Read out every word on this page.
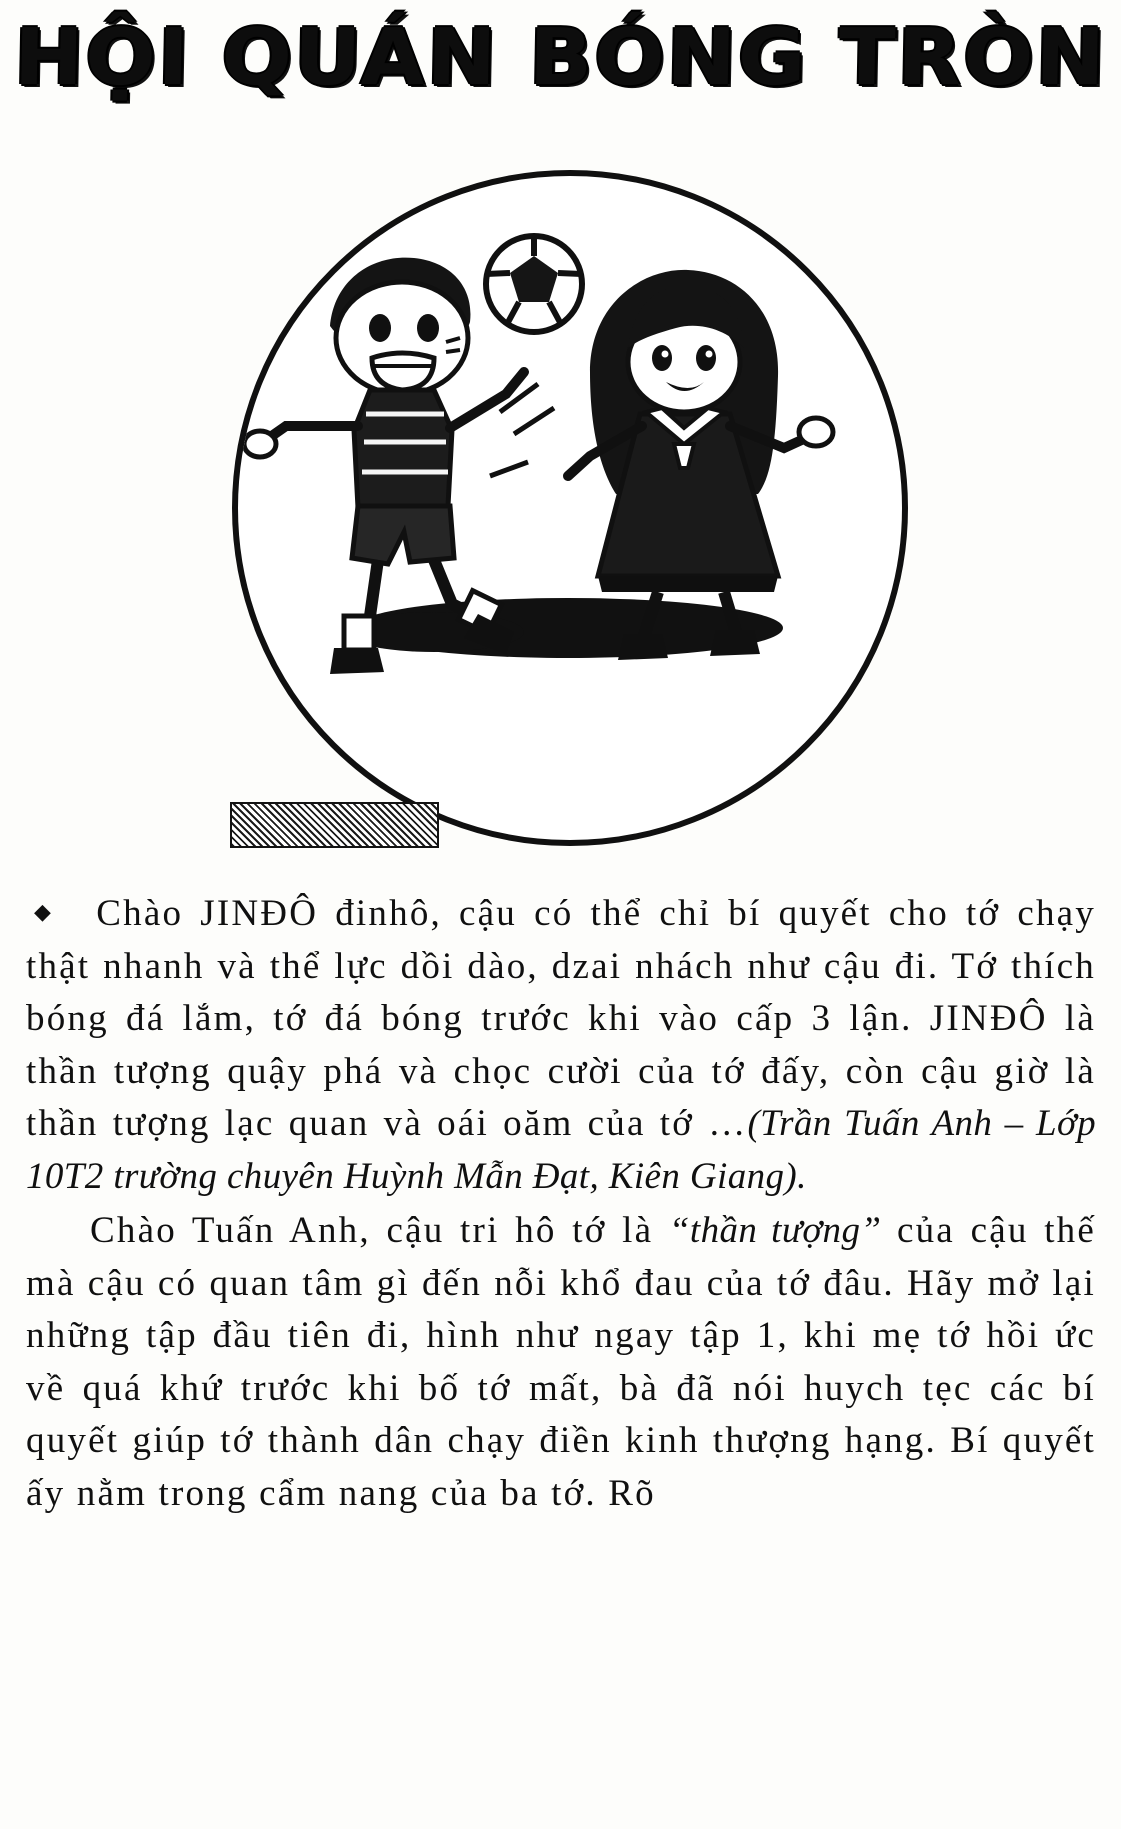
HỘI QUÁN BÓNG TRÒN

◆ Chào JINĐÔ đinhô, cậu có thể chỉ bí quyết cho tớ chạy thật nhanh và thể lực dồi dào, dzai nhách như cậu đi. Tớ thích bóng đá lắm, tớ đá bóng trước khi vào cấp 3 lận. JINĐÔ là thần tượng quậy phá và chọc cười của tớ đấy, còn cậu giờ là thần tượng lạc quan và oái oăm của tớ …(Trần Tuấn Anh – Lớp 10T2 trường chuyên Huỳnh Mẫn Đạt, Kiên Giang).

Chào Tuấn Anh, cậu tri hô tớ là “thần tượng” của cậu thế mà cậu có quan tâm gì đến nỗi khổ đau của tớ đâu. Hãy mở lại những tập đầu tiên đi, hình như ngay tập 1, khi mẹ tớ hồi ức về quá khứ trước khi bố tớ mất, bà đã nói huych tẹc các bí quyết giúp tớ thành dân chạy điền kinh thượng hạng. Bí quyết ấy nằm trong cẩm nang của ba tớ. Rõ
